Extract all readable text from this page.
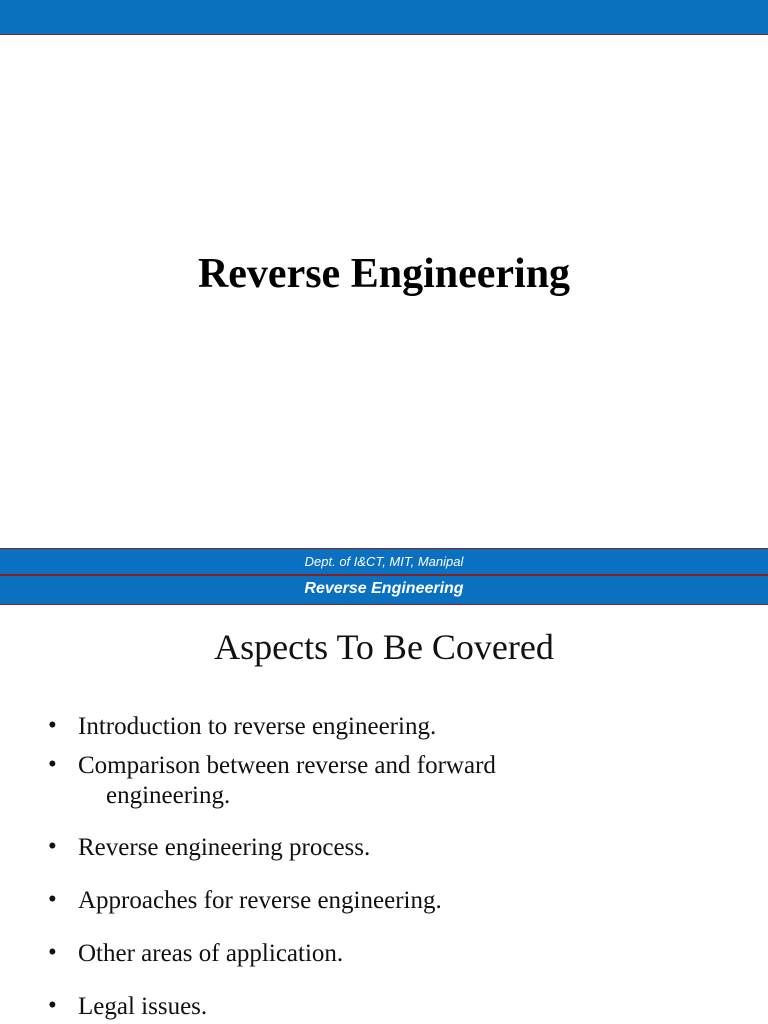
Reverse Engineering
Dept. of I&CT, MIT, Manipal
Reverse Engineering
Aspects To Be Covered
• Introduction to reverse engineering.
• Comparison between reverse and forward
engineering.
• Reverse engineering process.
• Approaches for reverse engineering.
• Other areas of application.
• Legal issues.
